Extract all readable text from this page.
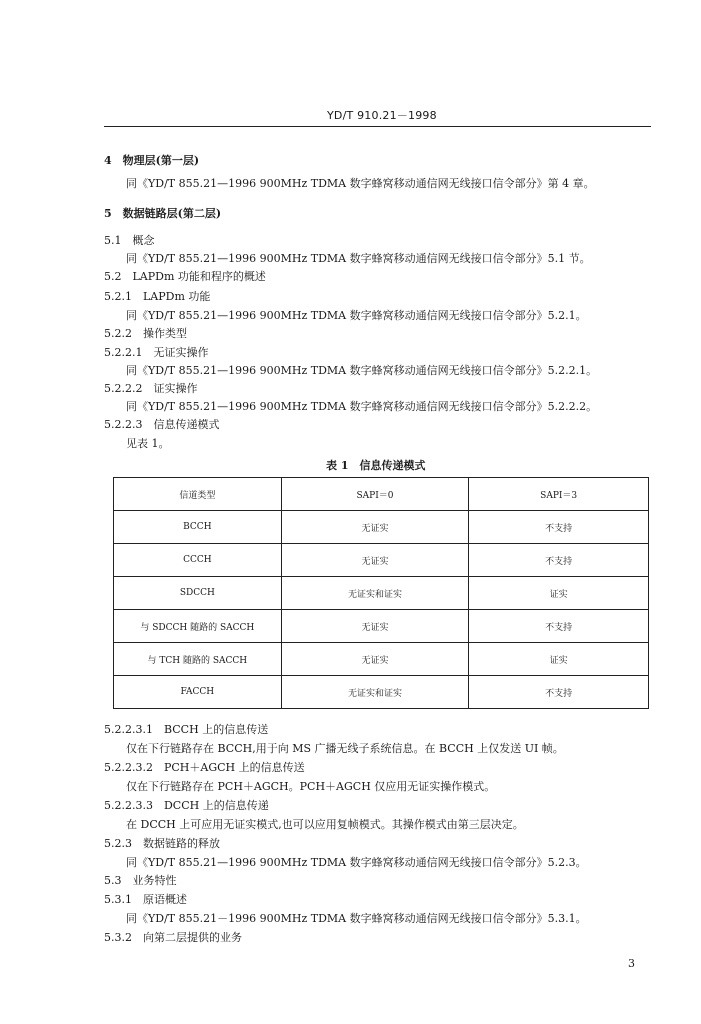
YD/T 910.21－1998
4　物理层(第一层)
同《YD/T 855.21—1996 900MHz TDMA 数字蜂窝移动通信网无线接口信令部分》第 4 章。
5　数据链路层(第二层)
5.1　概念
同《YD/T 855.21—1996 900MHz TDMA 数字蜂窝移动通信网无线接口信令部分》5.1 节。
5.2　LAPDm 功能和程序的概述
5.2.1　LAPDm 功能
同《YD/T 855.21—1996 900MHz TDMA 数字蜂窝移动通信网无线接口信令部分》5.2.1。
5.2.2　操作类型
5.2.2.1　无证实操作
同《YD/T 855.21—1996 900MHz TDMA 数字蜂窝移动通信网无线接口信令部分》5.2.2.1。
5.2.2.2　证实操作
同《YD/T 855.21—1996 900MHz TDMA 数字蜂窝移动通信网无线接口信令部分》5.2.2.2。
5.2.2.3　信息传递模式
见表 1。
表 1　信息传递模式
信道类型	SAPI＝0	SAPI＝3
BCCH	无证实	不支持
CCCH	无证实	不支持
SDCCH	无证实和证实	证实
与 SDCCH 随路的 SACCH	无证实	不支持
与 TCH 随路的 SACCH	无证实	证实
FACCH	无证实和证实	不支持
5.2.2.3.1　BCCH 上的信息传送
仅在下行链路存在 BCCH,用于向 MS 广播无线子系统信息。在 BCCH 上仅发送 UI 帧。
5.2.2.3.2　PCH＋AGCH 上的信息传送
仅在下行链路存在 PCH＋AGCH。PCH＋AGCH 仅应用无证实操作模式。
5.2.2.3.3　DCCH 上的信息传递
在 DCCH 上可应用无证实模式,也可以应用复帧模式。其操作模式由第三层决定。
5.2.3　数据链路的释放
同《YD/T 855.21—1996 900MHz TDMA 数字蜂窝移动通信网无线接口信令部分》5.2.3。
5.3　业务特性
5.3.1　原语概述
同《YD/T 855.21－1996 900MHz TDMA 数字蜂窝移动通信网无线接口信令部分》5.3.1。
5.3.2　向第二层提供的业务
3
